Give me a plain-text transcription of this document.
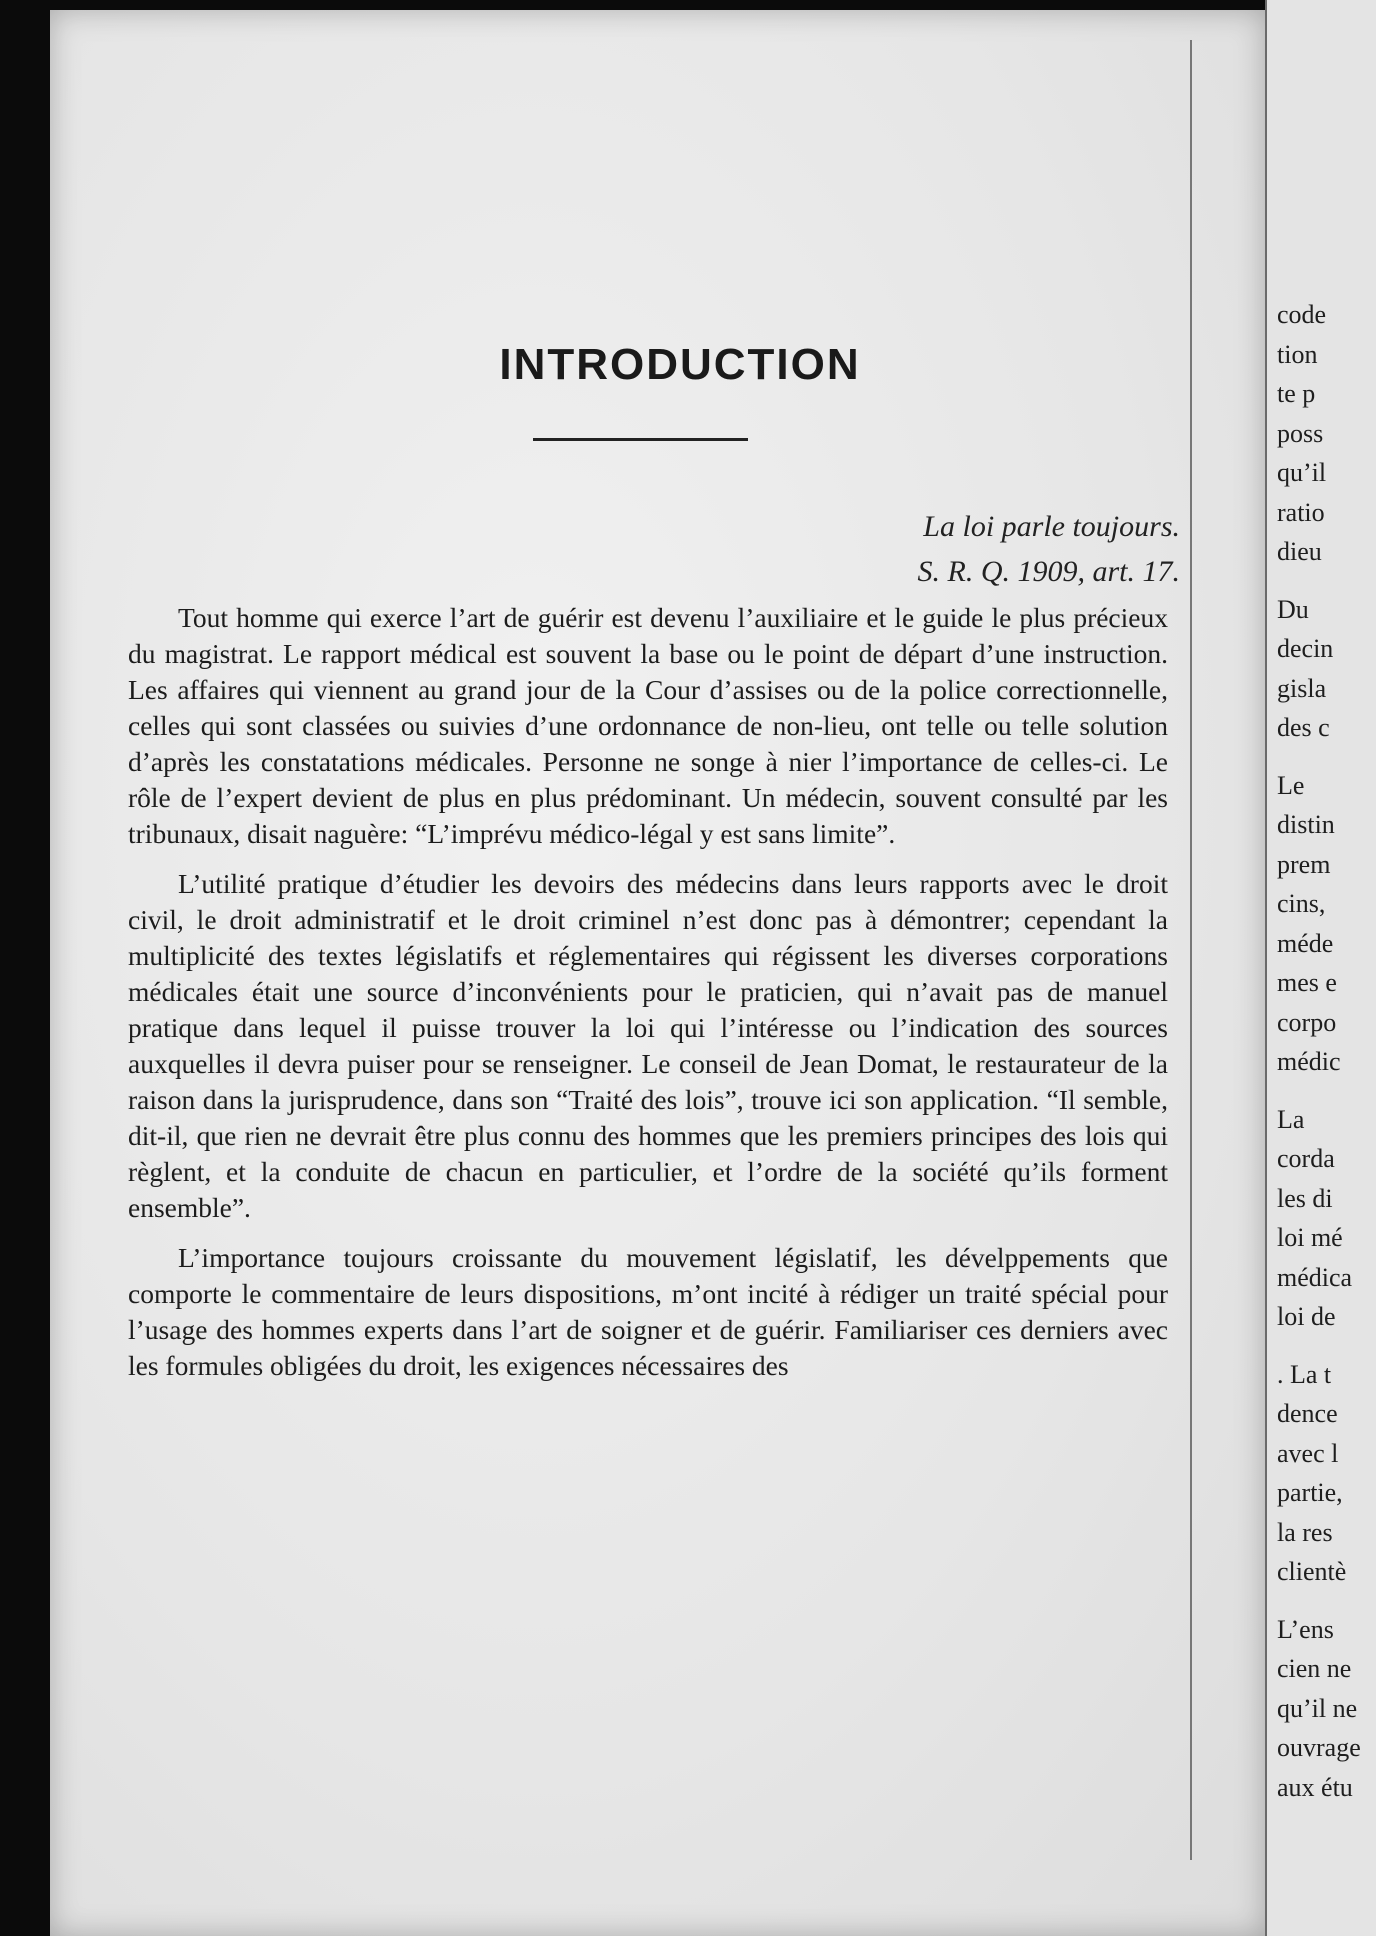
INTRODUCTION
La loi parle toujours.
S. R. Q. 1909, art. 17.

Tout homme qui exerce l’art de guérir est devenu l’auxiliaire et le guide le plus précieux du magistrat. Le rapport médical est souvent la base ou le point de départ d’une instruction. Les affaires qui viennent au grand jour de la Cour d’assises ou de la police correctionnelle, celles qui sont classées ou suivies d’une ordonnance de non-lieu, ont telle ou telle solution d’après les constatations médicales. Personne ne songe à nier l’importance de celles-ci. Le rôle de l’expert devient de plus en plus prédominant. Un médecin, souvent consulté par les tribunaux, disait naguère: “L’imprévu médico-légal y est sans limite”.

L’utilité pratique d’étudier les devoirs des médecins dans leurs rapports avec le droit civil, le droit administratif et le droit criminel n’est donc pas à démontrer; cependant la multiplicité des textes législatifs et réglementaires qui régissent les diverses corporations médicales était une source d’inconvénients pour le praticien, qui n’avait pas de manuel pratique dans lequel il puisse trouver la loi qui l’intéresse ou l’indication des sources auxquelles il devra puiser pour se renseigner. Le conseil de Jean Domat, le restaurateur de la raison dans la jurisprudence, dans son “Traité des lois”, trouve ici son application. “Il semble, dit-il, que rien ne devrait être plus connu des hommes que les premiers principes des lois qui règlent, et la conduite de chacun en particulier, et l’ordre de la société qu’ils forment ensemble”.

L’importance toujours croissante du mouvement législatif, les dévelppements que comporte le commentaire de leurs dispositions, m’ont incité à rédiger un traité spécial pour l’usage des hommes experts dans l’art de soigner et de guérir. Familiariser ces derniers avec les formules obligées du droit, les exigences nécessaires des

code
tion
te p
poss
qu’il
ratio
dieu
Du
decin
gisla
des c
Le
distin
prem
cins,
méde
mes e
corpo
médic
La
corda
les di
loi mé
médica
loi de
. La t
dence
avec l
partie,
la res
clientè
L’ens
cien ne
qu’il ne
ouvrage
aux étu
